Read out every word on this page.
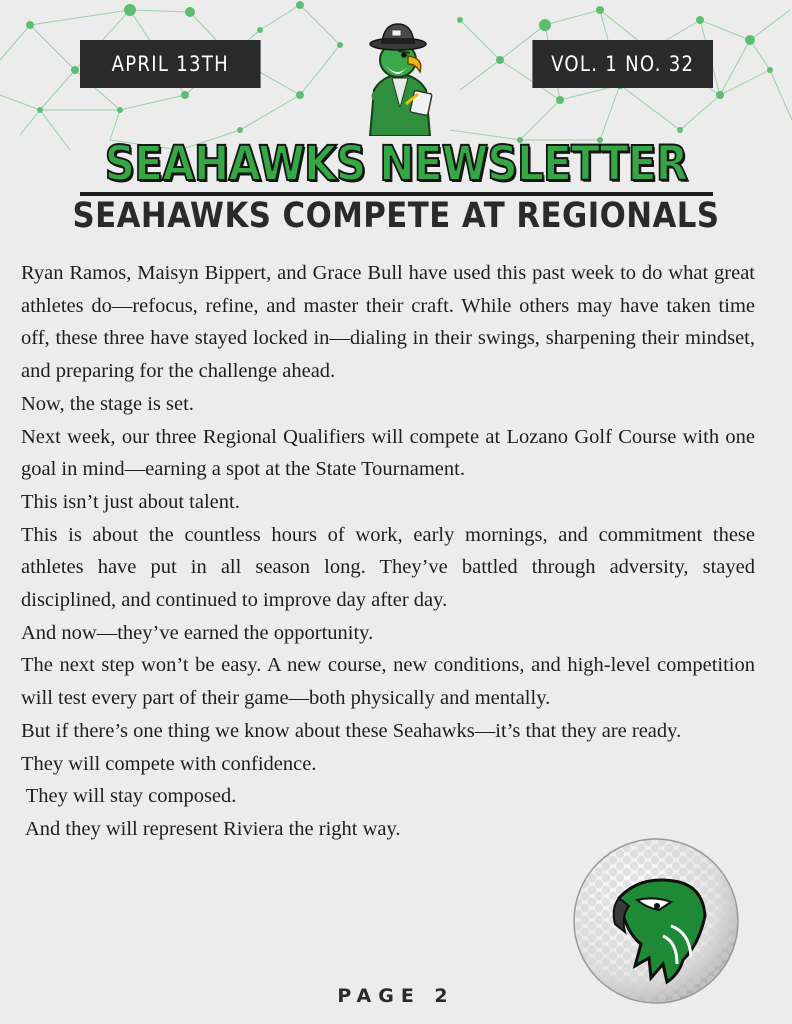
APRIL 13TH	VOL. 1 NO. 32
SEAHAWKS NEWSLETTER
SEAHAWKS COMPETE AT REGIONALS

Ryan Ramos, Maisyn Bippert, and Grace Bull have used this past week to do what great athletes do—refocus, refine, and master their craft. While others may have taken time off, these three have stayed locked in—dialing in their swings, sharpening their mindset, and preparing for the challenge ahead.

Now, the stage is set.

Next week, our three Regional Qualifiers will compete at Lozano Golf Course with one goal in mind—earning a spot at the State Tournament.

This isn’t just about talent.

This is about the countless hours of work, early mornings, and commitment these athletes have put in all season long. They’ve battled through adversity, stayed disciplined, and continued to improve day after day.

And now—they’ve earned the opportunity.

The next step won’t be easy. A new course, new conditions, and high-level competition will test every part of their game—both physically and mentally.

But if there’s one thing we know about these Seahawks—it’s that they are ready.

They will compete with confidence.

They will stay composed.

And they will represent Riviera the right way.

PAGE 2
